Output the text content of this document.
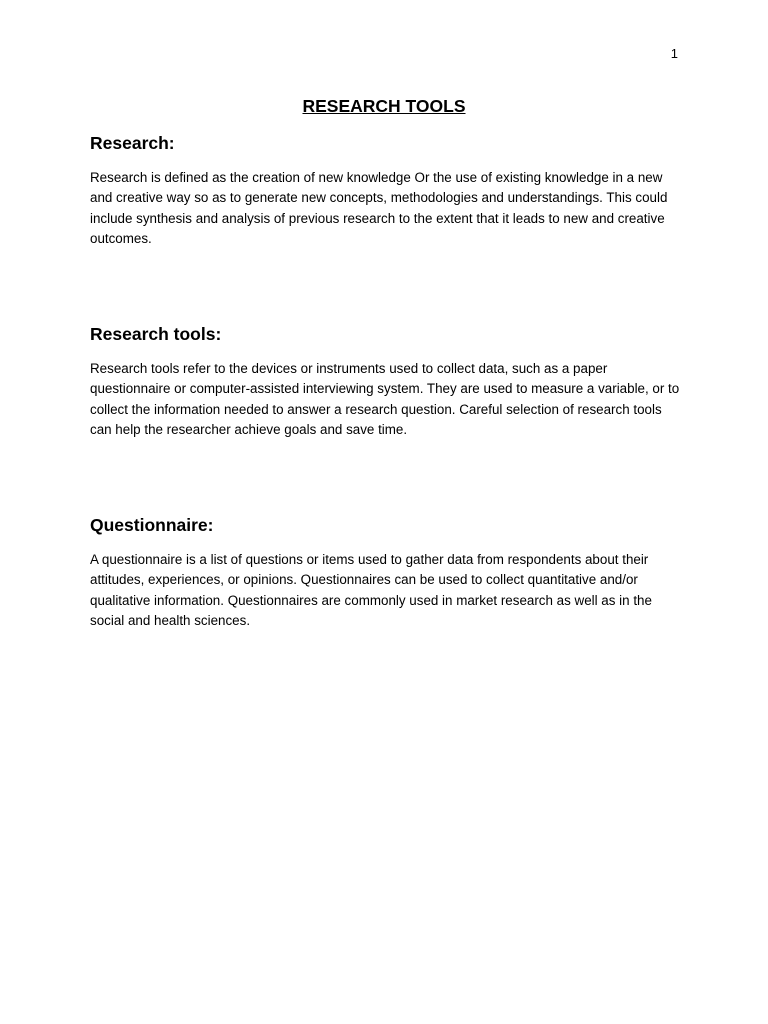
1
RESEARCH TOOLS
Research:

Research is defined as the creation of new knowledge Or the use of existing knowledge in a new and creative way so as to generate new concepts, methodologies and understandings. This could include synthesis and analysis of previous research to the extent that it leads to new and creative outcomes.

Research tools:

Research tools refer to the devices or instruments used to collect data, such as a paper questionnaire or computer-assisted interviewing system. They are used to measure a variable, or to collect the information needed to answer a research question. Careful selection of research tools can help the researcher achieve goals and save time.

Questionnaire:

A questionnaire is a list of questions or items used to gather data from respondents about their attitudes, experiences, or opinions. Questionnaires can be used to collect quantitative and/or qualitative information. Questionnaires are commonly used in market research as well as in the social and health sciences.
